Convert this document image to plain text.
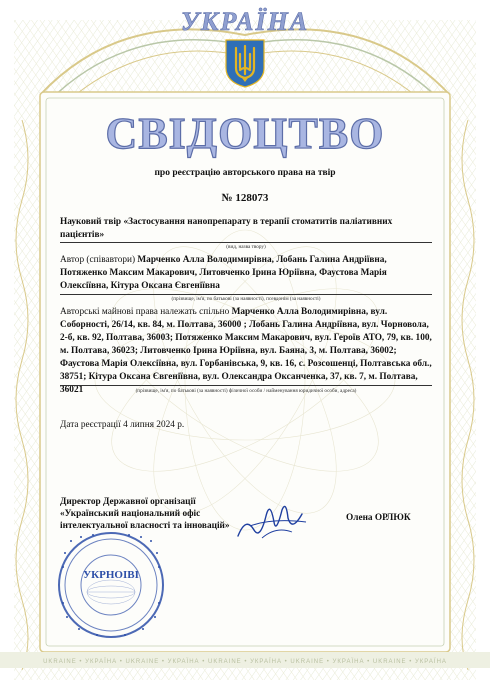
УКРАЇНА
СВІДОЦТВО
про реєстрацію авторського права на твір
№ 128073
Науковий твір «Застосування нанопрепарату в терапії стоматитів паліативних пацієнтів»
(вид, назва твору)
Автор (співавтори) Марченко Алла Володимирівна, Лобань Галина Андріївна, Потяженко Максим Макарович, Литовченко Ірина Юріївна, Фаустова Марія Олексіївна, Кітура Оксана Євгеніївна
(прізвище, ім'я, по батькові (за наявності), псевдонім (за наявності)
Авторські майнові права належать спільно Марченко Алла Володимирівна, вул. Соборності, 26/14, кв. 84, м. Полтава, 36000 ; Лобань Галина Андріївна, вул. Чорновола, 2-б, кв. 92, Полтава, 36003; Потяженко Максим Макарович, вул. Героїв АТО, 79, кв. 100, м. Полтава, 36023; Литовченко Ірина Юріївна, вул. Баяна, 3, м. Полтава, 36002; Фаустова Марія Олексіївна, вул. Горбанівська, 9, кв. 16, с. Розсошенці, Полтавська обл., 38751; Кітура Оксана Євгеніївна, вул. Олександра Оксанченка, 37, кв. 7, м. Полтава, 36021	(прізвище, ім'я, по батькові (за наявності) фізичної особи / найменування юридичної особи, адреса)
Дата реєстрації 4 липня 2024 р.
Директор Державної організації «Український національний офіс інтелектуальної власності та інновацій»
Олена ОРЛЮК
УКРНОІВІ
UKRAINE • УКРАЇНА • UKRAINE • УКРАЇНА • UKRAINE • УКРАЇНА • UKRAINE • УКРАЇНА • UKRAINE • УКРАЇНА
